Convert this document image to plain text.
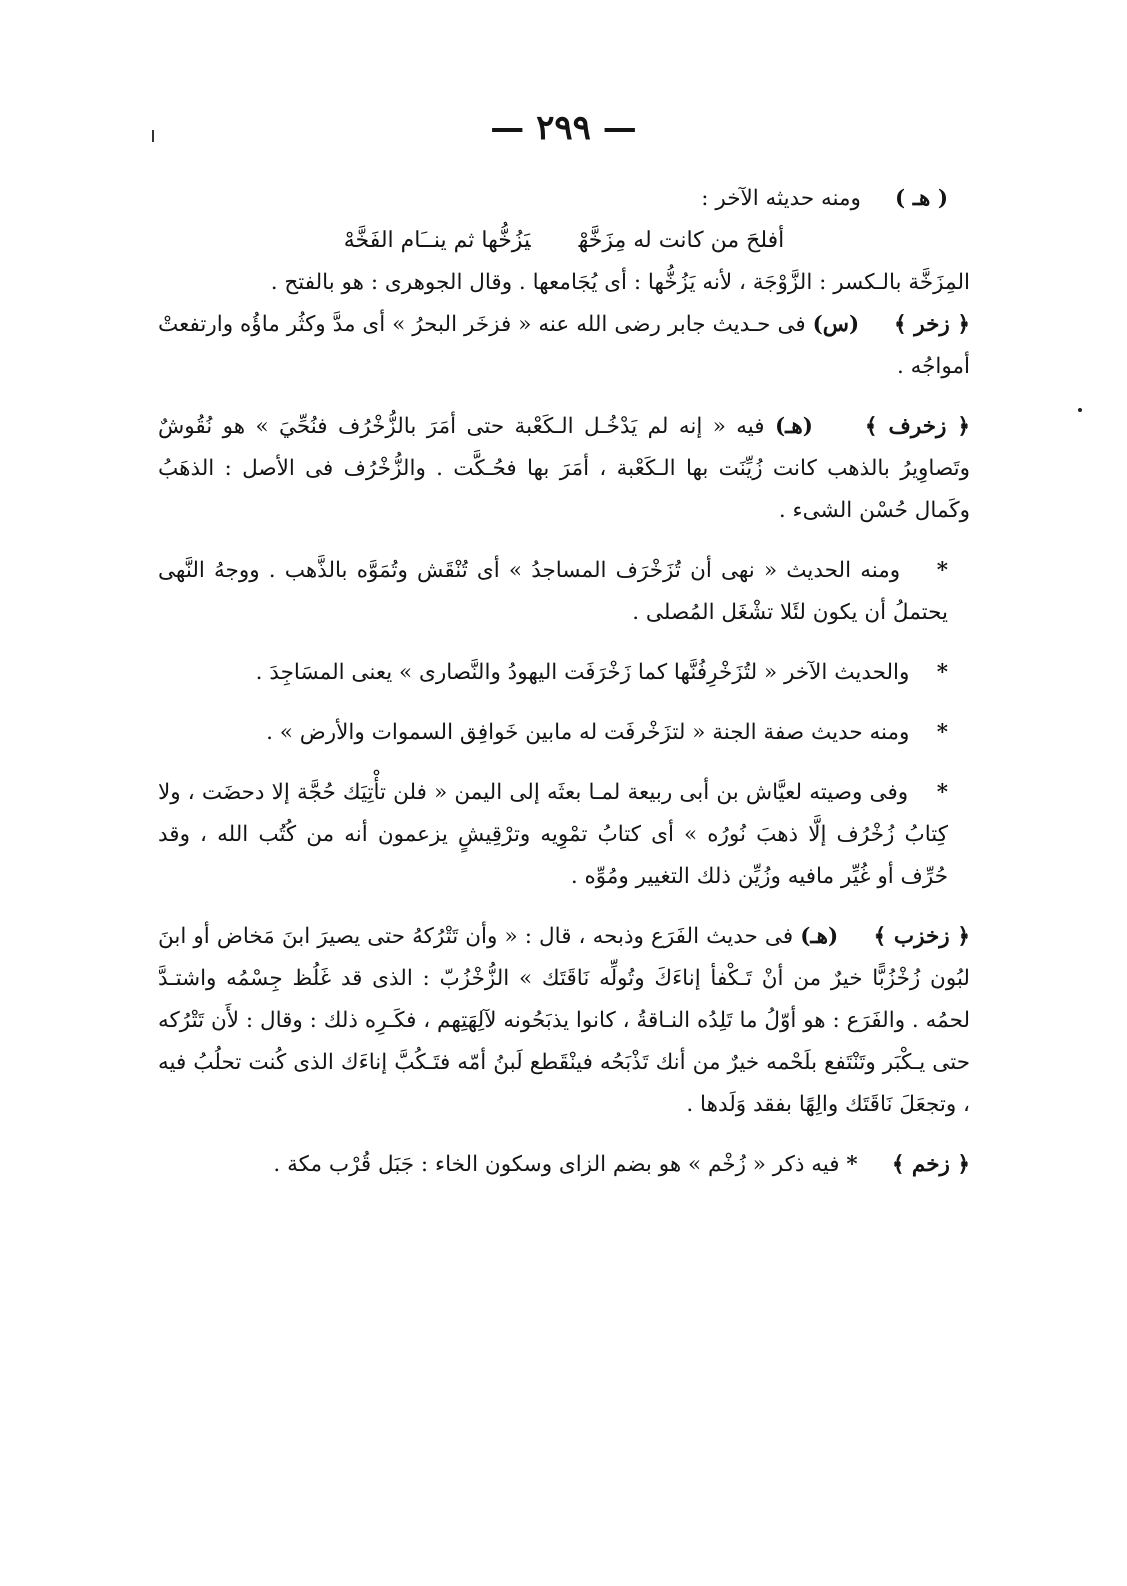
— ٢٩٩ —

( هـ )     ومنه حديثه الآخر :

أفلحَ من كانت له مِزَخَّهْيَزُخُّها ثم ينــَام الفَخَّهْ

المِزَخَّة بالـكسر : الزَّوْجَة ، لأنه يَزُخُّها : أى يُجَامعها . وقال الجوهرى : هو بالفتح .

﴿ زخر ﴾     (س) فى حـديث جابر رضى الله عنه « فزخَر البحرُ » أى مدَّ وكثُر ماؤُه وارتفعتْ أمواجُه .

﴿ زخرف ﴾     (هـ) فيه « إنه لم يَدْخُـل الـكَعْبة حتى أمَرَ بالزُّخْرُف فنُحِّيَ » هو نُقُوشٌ وتَصاوِيرُ بالذهب كانت زُيِّنَت بها الـكَعْبة ، أمَرَ بها فحُـكَّت . والزُّخْرُف فى الأصل : الذهَبُ وكَمال حُسْن الشىء .

*    ومنه الحديث « نهى أن تُزَخْرَف المساجدُ » أى تُنْقَش وتُمَوَّه بالذَّهب . ووجهُ النَّهى يحتملُ أن يكون لئَلا تشْغَل المُصلى .

*    والحديث الآخر « لتُزَخْرِفُنَّها كما زَخْرَفَت اليهودُ والنَّصارى » يعنى المسَاجِدَ .

*    ومنه حديث صفة الجنة « لتزَخْرفَت له مابين خَوافِق السموات والأرض » .

*    وفى وصيته لعيَّاش بن أبى ربيعة لمـا بعثَه إلى اليمن « فلن تأْتِيَك حُجَّة إلا دحضَت ، ولا كِتابُ زُخْرُف إلَّا ذهبَ نُورُه » أى كتابُ تمْوِيه وترْقِيشٍ يزعمون أنه من كُتُب الله ، وقد حُرِّف أو غُيِّر مافيه وزُيِّن ذلك التغيير ومُوِّه .

﴿ زخزب ﴾     (هـ) فى حديث الفَرَع وذبحه ، قال : « وأن تَتْرُكهُ حتى يصيرَ ابنَ مَخاض أو ابنَ لبُون زُخْزُبًّا خيرٌ من أنْ تَـكْفأ إناءَكَ وتُولِّه نَاقَتَك » الزُّخْزُبّ : الذى قد غَلُظ جِسْمُه واشتـدَّ لحمُه . والفَرَع : هو أوّلُ ما تَلِدُه النـاقةُ ، كانوا يذبَحُونه لآلِهَتِهم ، فكَـرِه ذلك : وقال : لأَن تَتْرُكه حتى يـكْبَر وتَنْتَفع بلَحْمه خيرٌ من أنك تَذْبَحُه فينْقَطع لَبنُ أمّه فتَـكُبَّ إناءَك الذى كُنت تحلُبُ فيه ، وتجعَلَ نَاقَتَك والِهًا بفقد وَلَدها .

﴿ زخم ﴾     * فيه ذكر « زُخْم » هو بضم الزاى وسكون الخاء : جَبَل قُرْب مكة .
